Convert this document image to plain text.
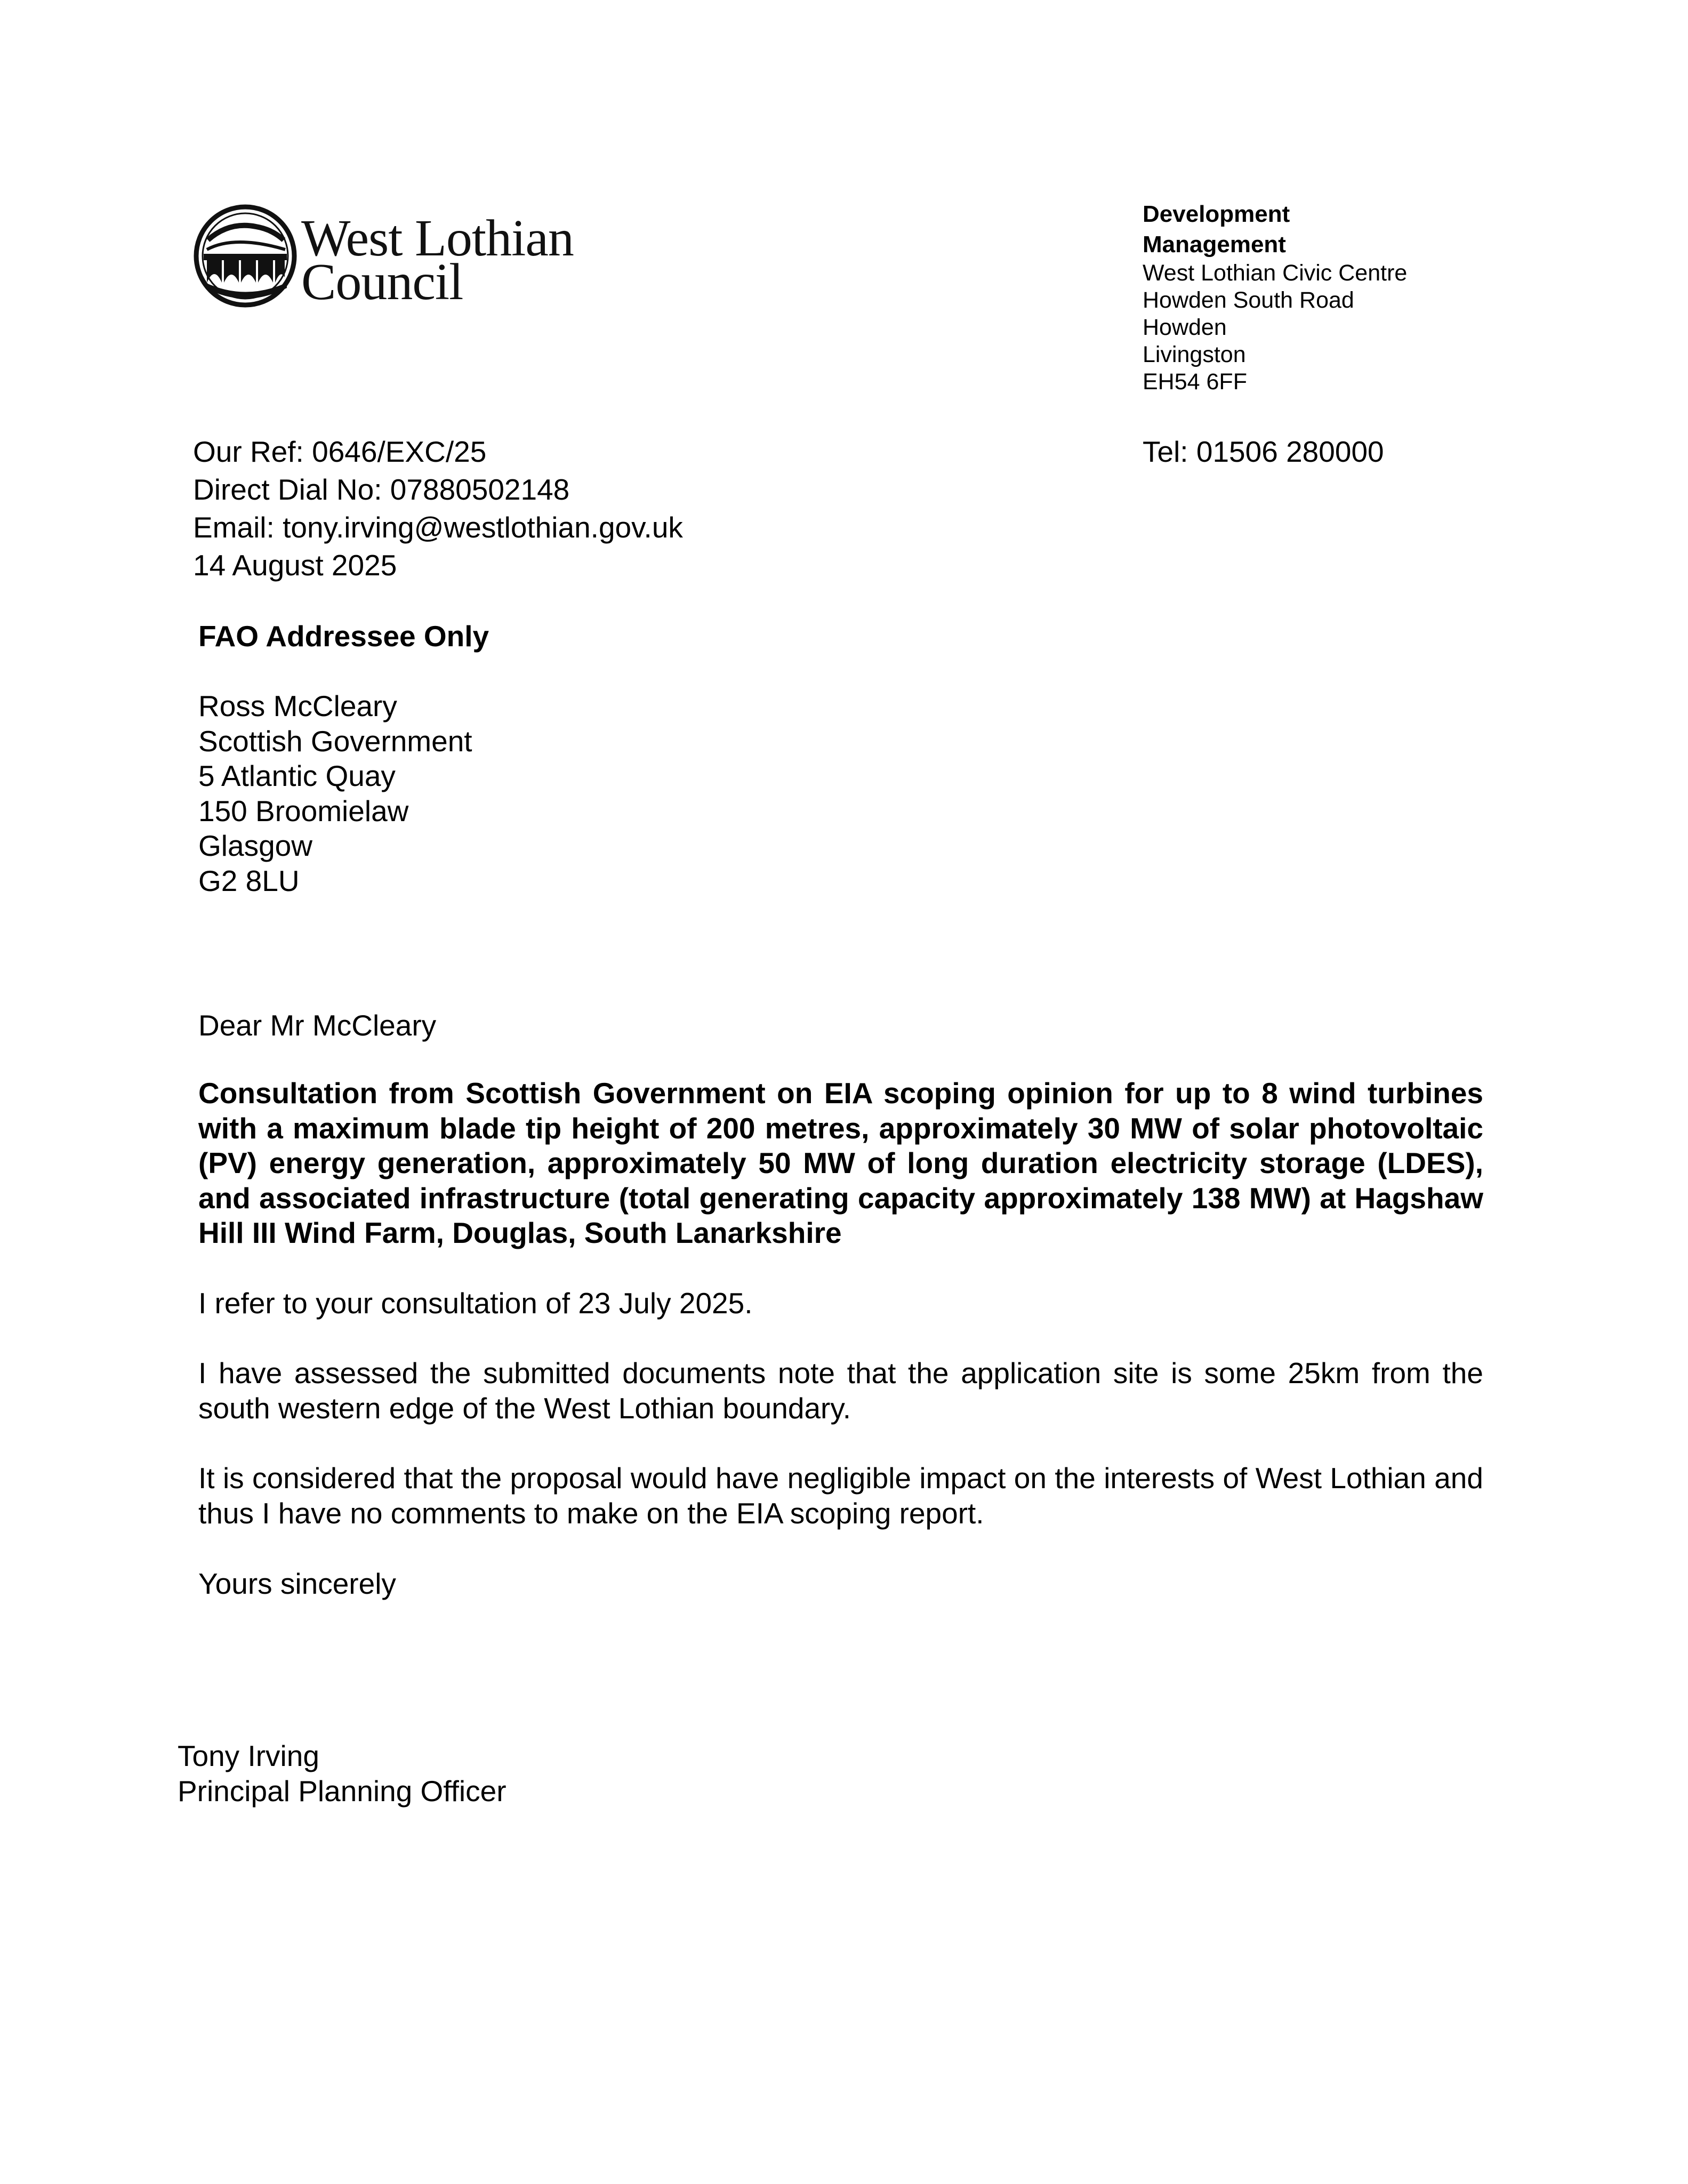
West Lothian
Council
Development
Management
West Lothian Civic Centre
Howden South Road
Howden
Livingston
EH54 6FF
Our Ref: 0646/EXC/25
Direct Dial No: 07880502148
Email: tony.irving@westlothian.gov.uk
14 August 2025
Tel: 01506 280000
FAO Addressee Only
Ross McCleary
Scottish Government
5 Atlantic Quay
150 Broomielaw
Glasgow
G2 8LU
Dear Mr McCleary
Consultation from Scottish Government on EIA scoping opinion for up to 8 wind turbines with a maximum blade tip height of 200 metres, approximately 30 MW of solar photovoltaic (PV) energy generation, approximately 50 MW of long duration electricity storage (LDES), and associated infrastructure (total generating capacity approximately 138 MW) at Hagshaw Hill III Wind Farm, Douglas, South Lanarkshire
I refer to your consultation of 23 July 2025.
I have assessed the submitted documents note that the application site is some 25km from the south western edge of the West Lothian boundary.
It is considered that the proposal would have negligible impact on the interests of West Lothian and thus I have no comments to make on the EIA scoping report.
Yours sincerely
Tony Irving
Principal Planning Officer
